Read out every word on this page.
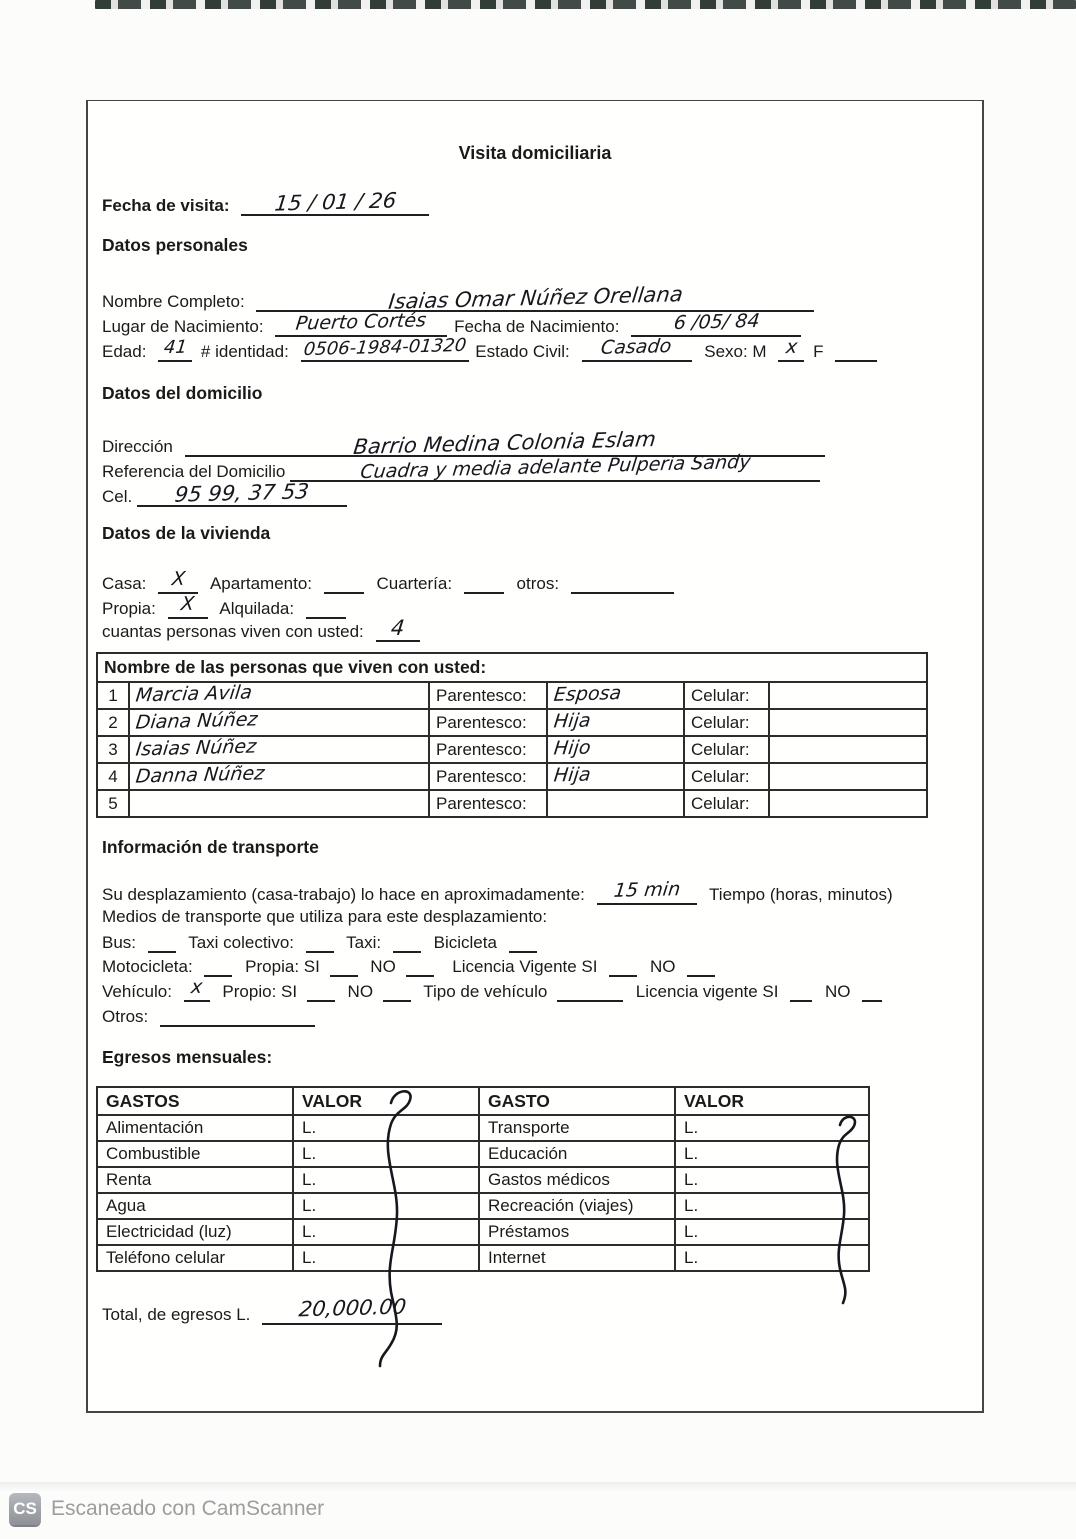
Visita domiciliaria
Fecha de visita: 15 / 01 / 26
Datos personales
Nombre Completo:	Isaias Omar Núñez Orellana
Lugar de Nacimiento: Puerto Cortés Fecha de Nacimiento:	6 /05/ 84
Edad: 41 # identidad: 0506-1984-01320 Estado Civil: Casado Sexo: M x F
Datos del domicilio
Dirección	Barrio Medina Colonia Eslam
Referencia del Domicilio	Cuadra y media adelante Pulperia Sandy
Cel. 95 99, 37 53
Datos de la vivienda
Casa: X Apartamento:	Cuartería:	otros:
Propia: X Alquilada:
cuantas personas viven con usted: 4
Nombre de las personas que viven con usted:					
1	Marcia Avila	Parentesco:	Esposa	Celular:	
2	Diana Núñez	Parentesco:	Hija	Celular:	
3	Isaias Núñez	Parentesco:	Hijo	Celular:	
4	Danna Núñez	Parentesco:	Hija	Celular:	
5		Parentesco:		Celular:	
Información de transporte
Su desplazamiento (casa-trabajo) lo hace en aproximadamente: 15 min Tiempo (horas, minutos)
Medios de transporte que utiliza para este desplazamiento:
Bus:	Taxi colectivo:	Taxi:	Bicicleta
Motocicleta:	Propia: SI	NO	Licencia Vigente SI	NO
Vehículo: x Propio: SI	NO	Tipo de vehículo	Licencia vigente SI	NO
Otros:
Egresos mensuales:
GASTOS	VALOR	GASTO	VALOR
Alimentación	L.	Transporte	L.
Combustible	L.	Educación	L.
Renta	L.	Gastos médicos	L.
Agua	L.	Recreación (viajes)	L.
Electricidad (luz)	L.	Préstamos	L.
Teléfono celular	L.	Internet	L.
Total, de egresos L. 20,000.00
CS Escaneado con CamScanner
